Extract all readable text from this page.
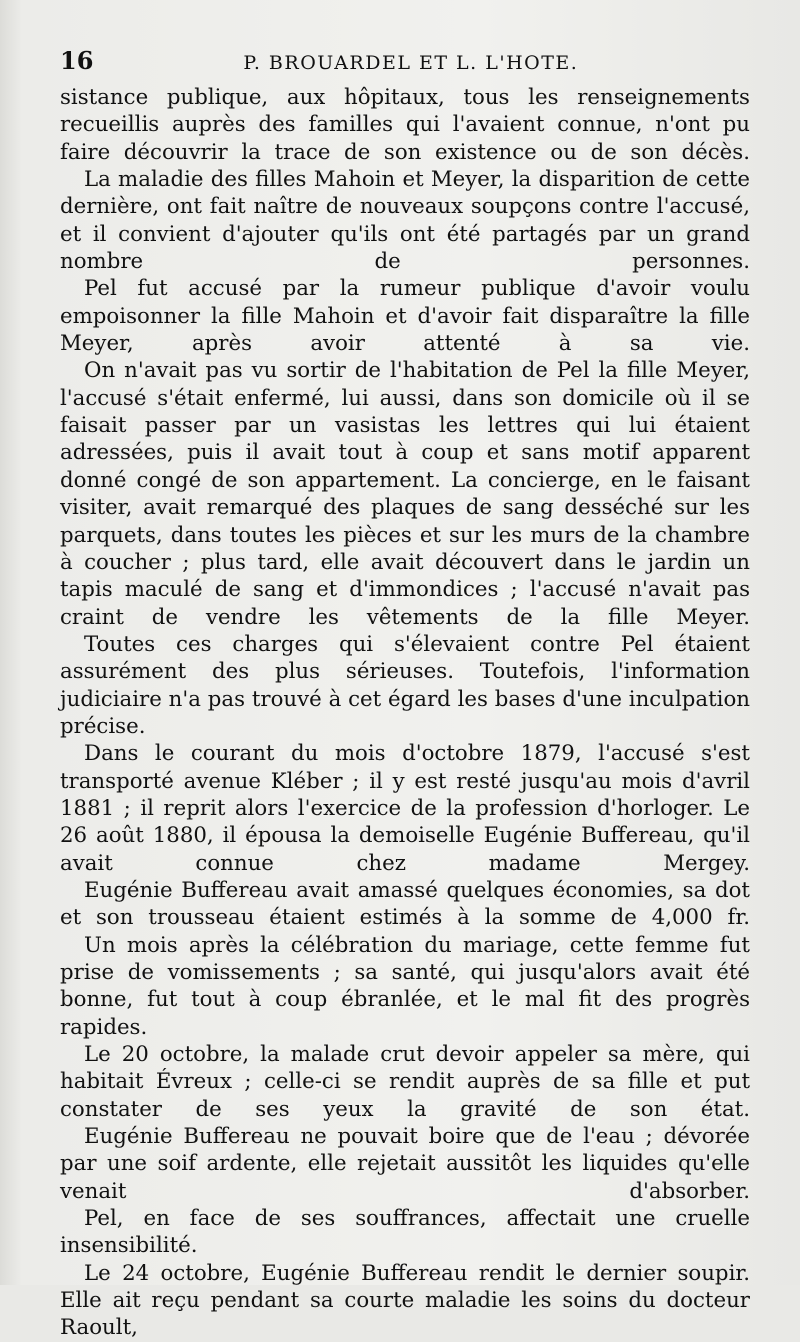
16	P. BROUARDEL ET L. L'HOTE.

sistance publique, aux hôpitaux, tous les renseignements recueillis auprès des familles qui l'avaient connue, n'ont pu faire découvrir la trace de son existence ou de son décès.

La maladie des filles Mahoin et Meyer, la disparition de cette dernière, ont fait naître de nouveaux soupçons contre l'accusé, et il convient d'ajouter qu'ils ont été partagés par un grand nombre de personnes.

Pel fut accusé par la rumeur publique d'avoir voulu empoisonner la fille Mahoin et d'avoir fait disparaître la fille Meyer, après avoir attenté à sa vie.

On n'avait pas vu sortir de l'habitation de Pel la fille Meyer, l'accusé s'était enfermé, lui aussi, dans son domicile où il se faisait passer par un vasistas les lettres qui lui étaient adressées, puis il avait tout à coup et sans motif apparent donné congé de son appartement. La concierge, en le faisant visiter, avait remarqué des plaques de sang desséché sur les parquets, dans toutes les pièces et sur les murs de la chambre à coucher ; plus tard, elle avait découvert dans le jardin un tapis maculé de sang et d'immondices ; l'accusé n'avait pas craint de vendre les vêtements de la fille Meyer.

Toutes ces charges qui s'élevaient contre Pel étaient assurément des plus sérieuses. Toutefois, l'information judiciaire n'a pas trouvé à cet égard les bases d'une inculpation précise.

Dans le courant du mois d'octobre 1879, l'accusé s'est transporté avenue Kléber ; il y est resté jusqu'au mois d'avril 1881 ; il reprit alors l'exercice de la profession d'horloger. Le 26 août 1880, il épousa la demoiselle Eugénie Buffereau, qu'il avait connue chez madame Mergey.

Eugénie Buffereau avait amassé quelques économies, sa dot et son trousseau étaient estimés à la somme de 4,000 fr.

Un mois après la célébration du mariage, cette femme fut prise de vomissements ; sa santé, qui jusqu'alors avait été bonne, fut tout à coup ébranlée, et le mal fit des progrès rapides.

Le 20 octobre, la malade crut devoir appeler sa mère, qui habitait Évreux ; celle-ci se rendit auprès de sa fille et put constater de ses yeux la gravité de son état.

Eugénie Buffereau ne pouvait boire que de l'eau ; dévorée par une soif ardente, elle rejetait aussitôt les liquides qu'elle venait d'absorber.

Pel, en face de ses souffrances, affectait une cruelle insensibilité.

Le 24 octobre, Eugénie Buffereau rendit le dernier soupir. Elle ait reçu pendant sa courte maladie les soins du docteur Raoult,
